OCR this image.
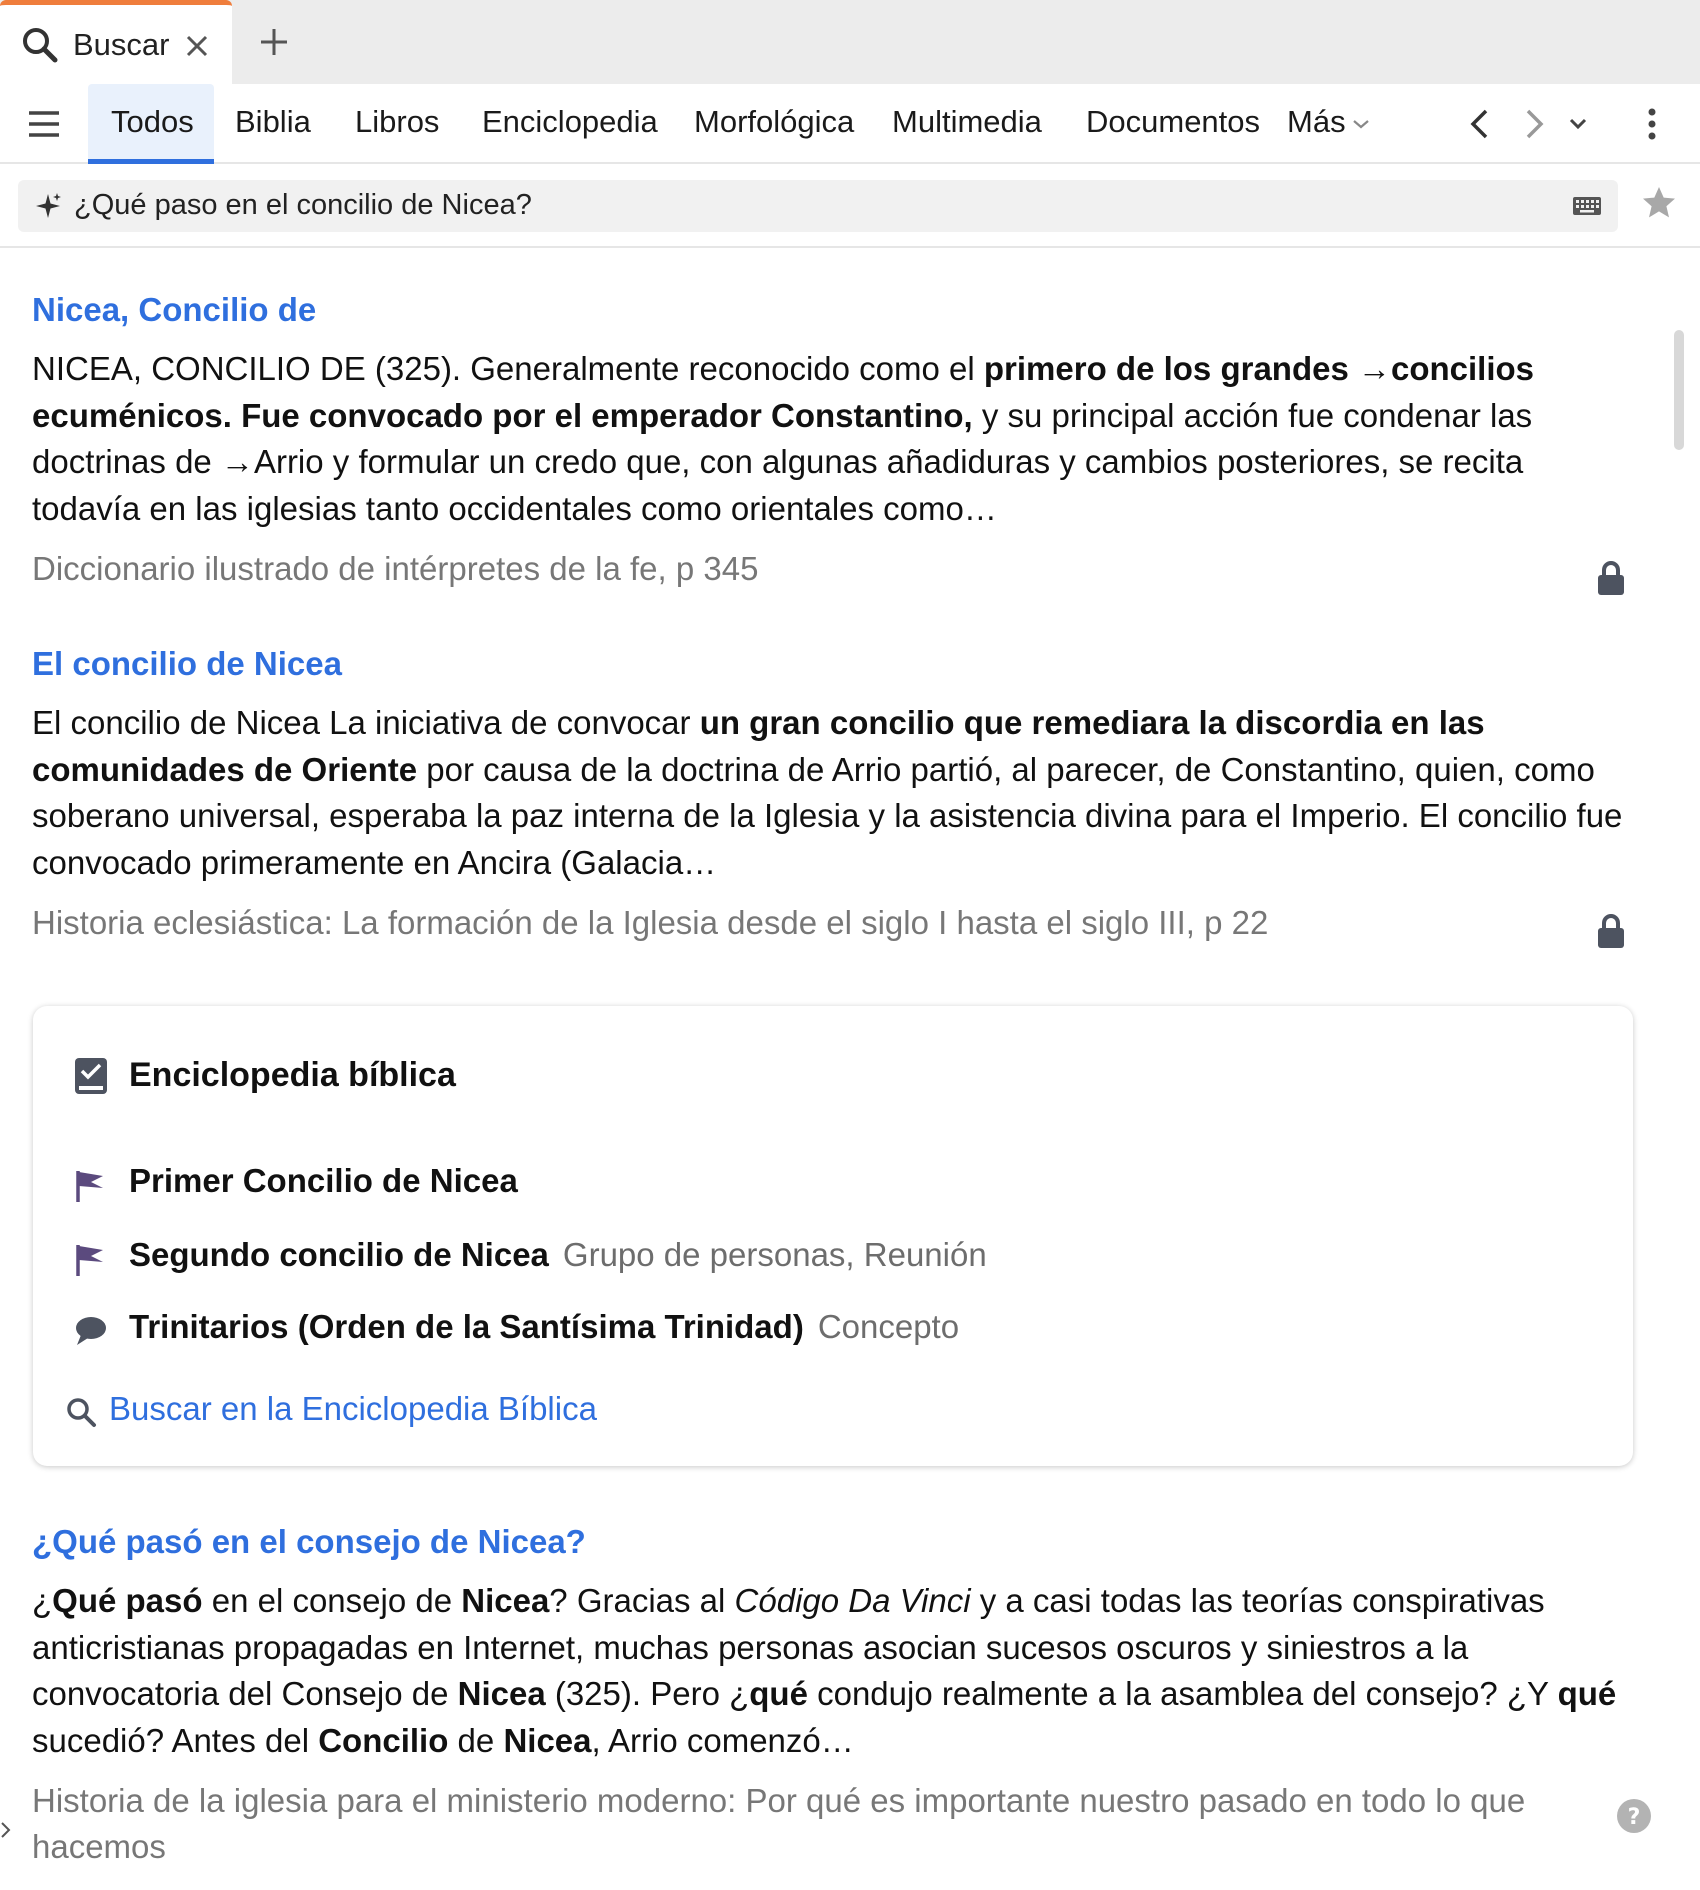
Buscar
Todos Biblia Libros Enciclopedia Morfológica Multimedia Documentos Más
¿Qué paso en el concilio de Nicea?
Nicea, Concilio de

NICEA, CONCILIO DE (325). Generalmente reconocido como el primero de los grandes →concilios ecuménicos. Fue convocado por el emperador Constantino, y su principal acción fue condenar las doctrinas de →Arrio y formular un credo que, con algunas añadiduras y cambios posteriores, se recita todavía en las iglesias tanto occidentales como orientales como…

Diccionario ilustrado de intérpretes de la fe, p 345
El concilio de Nicea

El concilio de Nicea La iniciativa de convocar un gran concilio que remediara la discordia en las comunidades de Oriente por causa de la doctrina de Arrio partió, al parecer, de Constantino, quien, como soberano universal, esperaba la paz interna de la Iglesia y la asistencia divina para el Imperio. El concilio fue convocado primeramente en Ancira (Galacia…

Historia eclesiástica: La formación de la Iglesia desde el siglo I hasta el siglo III, p 22
Enciclopedia bíblica
Primer Concilio de Nicea
Segundo concilio de Nicea Grupo de personas, Reunión
Trinitarios (Orden de la Santísima Trinidad) Concepto
Buscar en la Enciclopedia Bíblica
¿Qué pasó en el consejo de Nicea?

¿Qué pasó en el consejo de Nicea? Gracias al Código Da Vinci y a casi todas las teorías conspirativas anticristianas propagadas en Internet, muchas personas asocian sucesos oscuros y siniestros a la convocatoria del Consejo de Nicea (325). Pero ¿qué condujo realmente a la asamblea del consejo? ¿Y qué sucedió? Antes del Concilio de Nicea, Arrio comenzó…

Historia de la iglesia para el ministerio moderno: Por qué es importante nuestro pasado en todo lo que hacemos
?
